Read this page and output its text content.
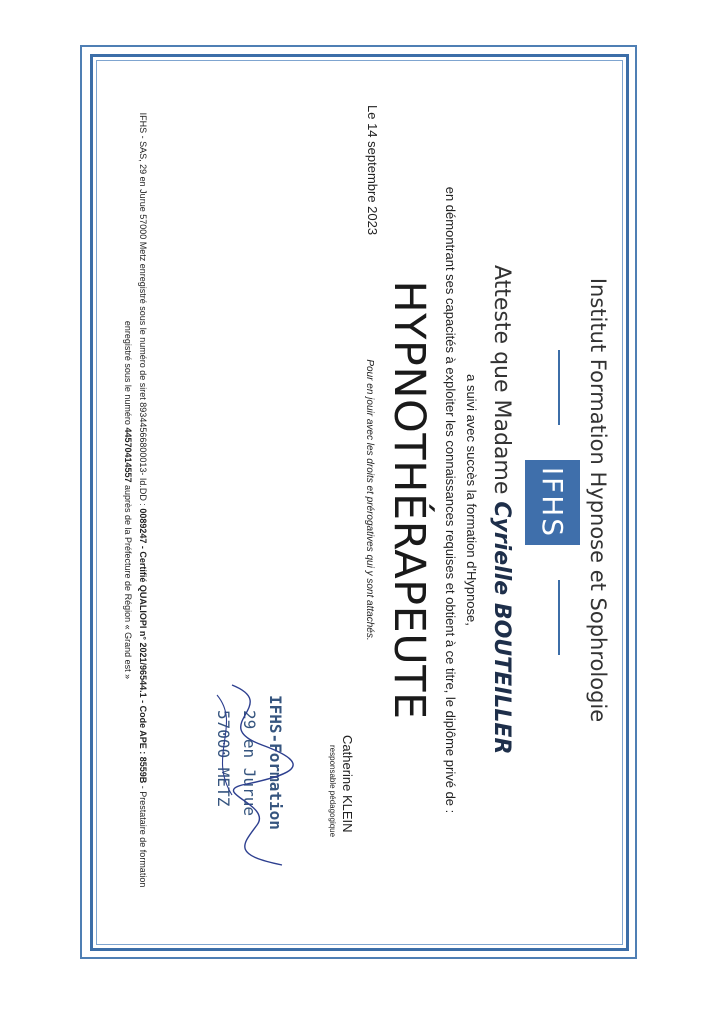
IFHS Institut Formation Hypnose et Sophrologie
Atteste que Madame Cyrielle BOUTEILLER
a suivi avec succès la formation d'Hypnose,
en démontrant ses capacités à exploiter les connaissances requises et obtient à ce titre, le diplôme privé de :
HYPNOTHÉRAPEUTE
Pour en jouir avec les droits et prérogatives qui y sont attachés.
Le 14 septembre 2023
Catherine KLEIN
responsable pédagogique
IFHS-Formation
29 en Jurue
57000 METZ
IFHS - SAS, 29 en Jurue 57000 Metz enregistré sous le numéro de siret 89344566800013- Id.DD : 0089247 - Certifié QUALIOPI n° 2021/96544.1 - Code APE : 8559B - Prestataire de formation
enregistré sous le numéro 44570414557 auprès de la Préfecture de Région « Grand est »
